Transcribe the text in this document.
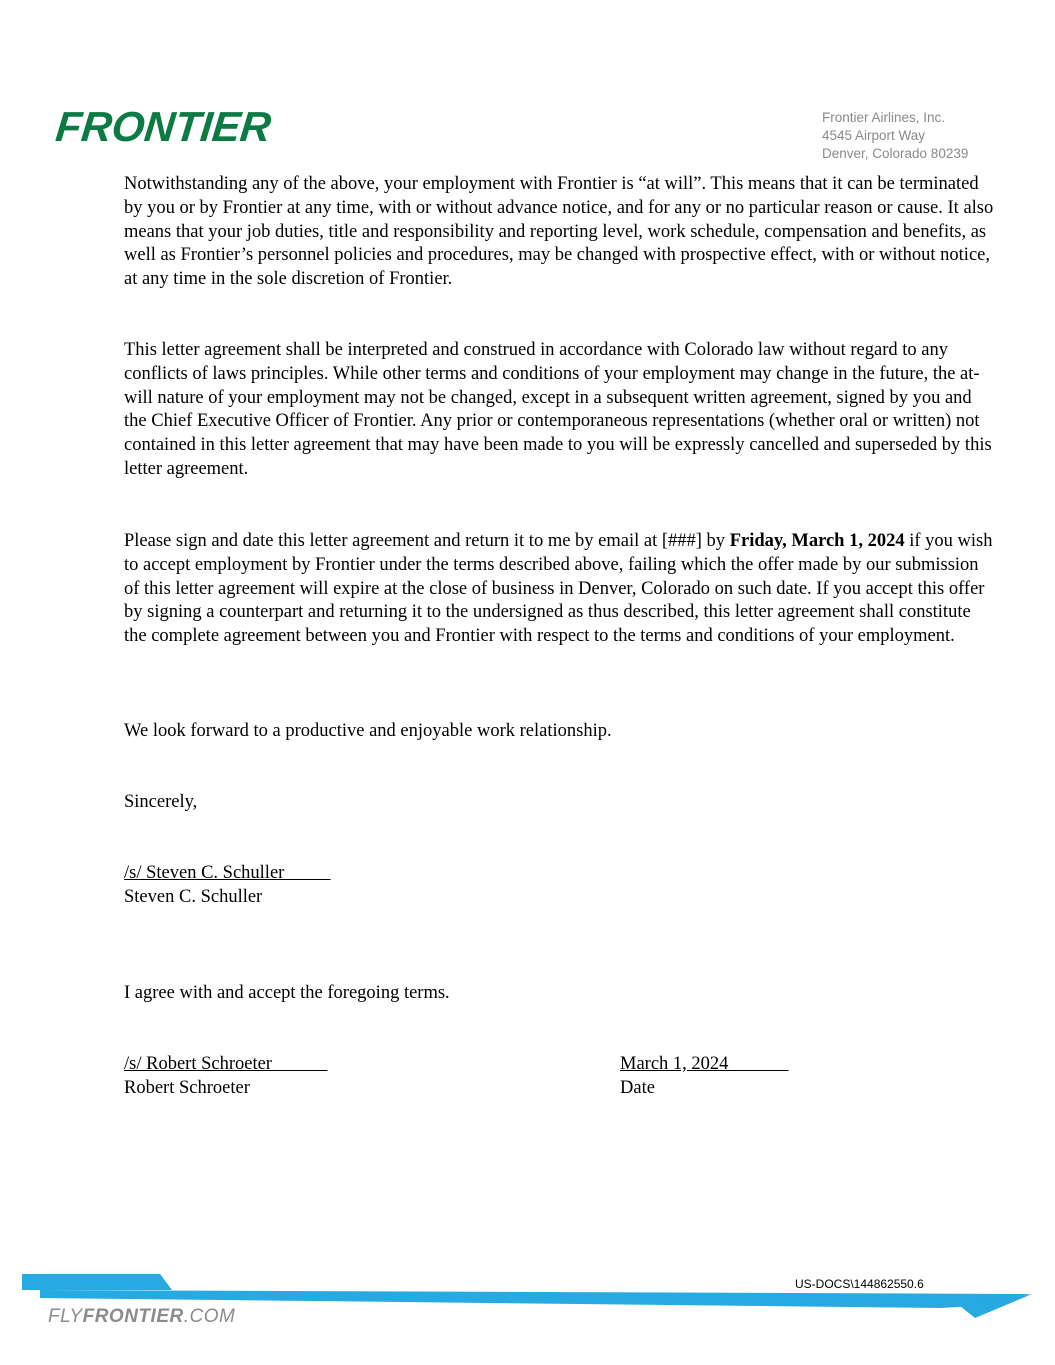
FRONTIER	Frontier Airlines, Inc.
4545 Airport Way
Denver, Colorado 80239

Notwithstanding any of the above, your employment with Frontier is “at will”. This means that it can be terminated by you or by Frontier at any time, with or without advance notice, and for any or no particular reason or cause. It also means that your job duties, title and responsibility and reporting level, work schedule, compensation and benefits, as well as Frontier’s personnel policies and procedures, may be changed with prospective effect, with or without notice, at any time in the sole discretion of Frontier.

This letter agreement shall be interpreted and construed in accordance with Colorado law without regard to any conflicts of laws principles. While other terms and conditions of your employment may change in the future, the at-will nature of your employment may not be changed, except in a subsequent written agreement, signed by you and the Chief Executive Officer of Frontier. Any prior or contemporaneous representations (whether oral or written) not contained in this letter agreement that may have been made to you will be expressly cancelled and superseded by this letter agreement.

Please sign and date this letter agreement and return it to me by email at [###] by Friday, March 1, 2024 if you wish to accept employment by Frontier under the terms described above, failing which the offer made by our submission of this letter agreement will expire at the close of business in Denver, Colorado on such date. If you accept this offer by signing a counterpart and returning it to the undersigned as thus described, this letter agreement shall constitute the complete agreement between you and Frontier with respect to the terms and conditions of your employment.

We look forward to a productive and enjoyable work relationship.
Sincerely,
/s/ Steven C. Schuller
Steven C. Schuller
I agree with and accept the foregoing terms.
/s/ Robert Schroeter
Robert Schroeter
March 1, 2024
Date
US-DOCS\144862550.6
FLYFRONTIER.COM
